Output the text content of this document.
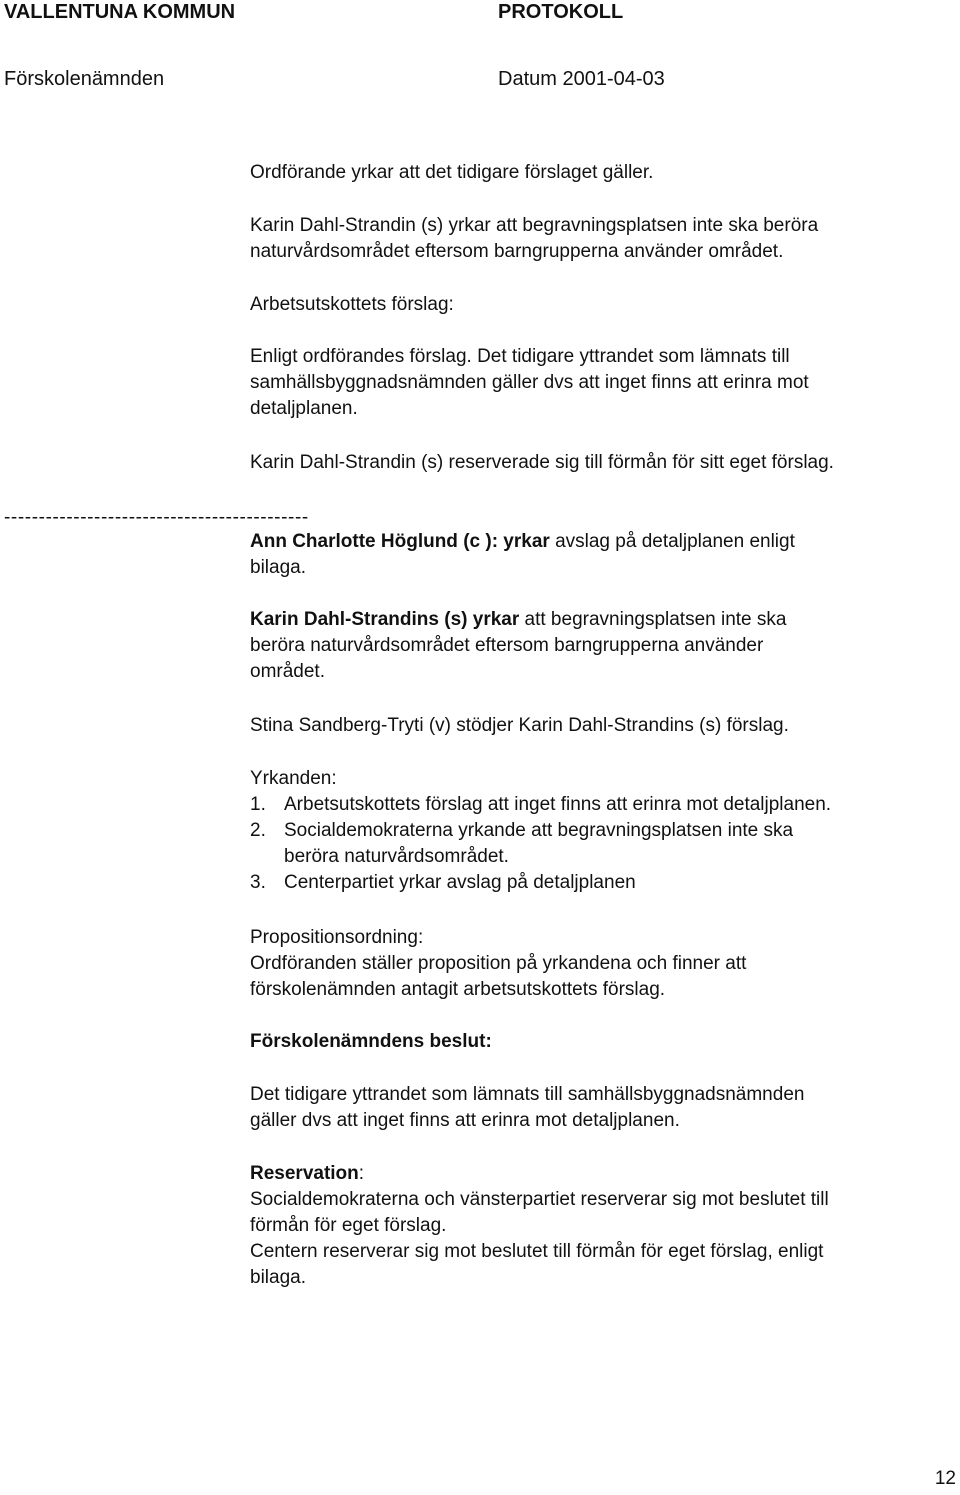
VALLENTUNA KOMMUN	PROTOKOLL
Förskolenämnden	Datum 2001-04-03
Ordförande yrkar att det tidigare förslaget gäller.
Karin Dahl-Strandin (s) yrkar att begravningsplatsen inte ska beröra
naturvårdsområdet eftersom barngrupperna använder området.
Arbetsutskottets förslag:
Enligt ordförandes förslag. Det tidigare yttrandet som lämnats till
samhällsbyggnadsnämnden gäller dvs att inget finns att erinra mot
detaljplanen.
Karin Dahl-Strandin (s) reserverade sig till förmån för sitt eget förslag.
--------------------------------------------
Ann Charlotte Höglund (c ): yrkar avslag på detaljplanen enligt
bilaga.
Karin Dahl-Strandins (s) yrkar att begravningsplatsen inte ska
beröra naturvårdsområdet eftersom barngrupperna använder
området.
Stina Sandberg-Tryti (v) stödjer Karin Dahl-Strandins (s) förslag.
Yrkanden:
1. Arbetsutskottets förslag att inget finns att erinra mot detaljplanen.
2. Socialdemokraterna yrkande att begravningsplatsen inte ska
beröra naturvårdsområdet.
3. Centerpartiet yrkar avslag på detaljplanen
Propositionsordning:
Ordföranden ställer proposition på yrkandena och finner att
förskolenämnden antagit arbetsutskottets förslag.
Förskolenämndens beslut:
Det tidigare yttrandet som lämnats till samhällsbyggnadsnämnden
gäller dvs att inget finns att erinra mot detaljplanen.
Reservation:
Socialdemokraterna och vänsterpartiet reserverar sig mot beslutet till
förmån för eget förslag.
Centern reserverar sig mot beslutet till förmån för eget förslag, enligt
bilaga.
12
